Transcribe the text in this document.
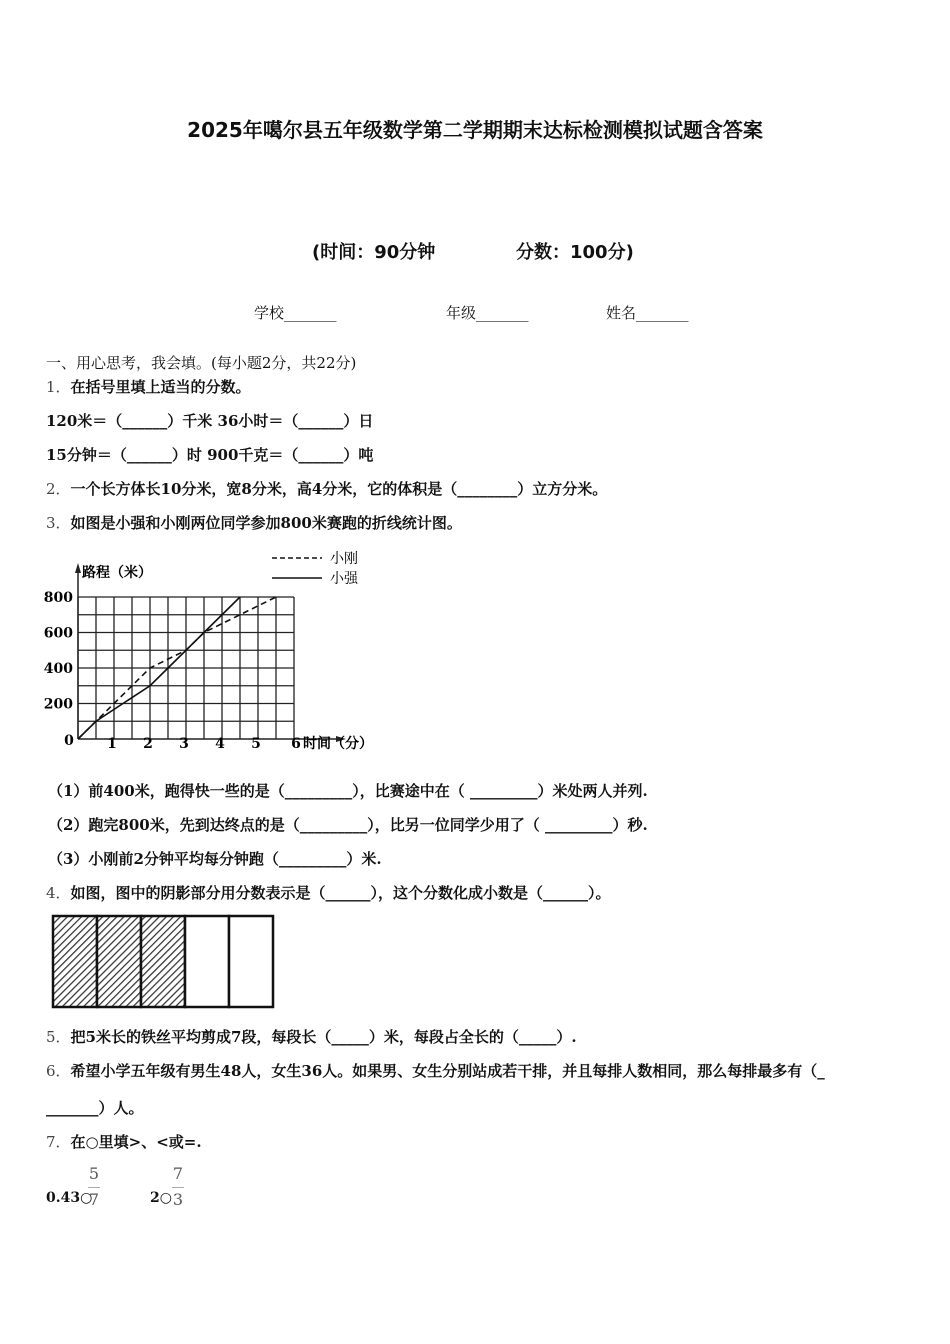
2025年噶尔县五年级数学第二学期期末达标检测模拟试题含答案
(时间：90分钟	分数：100分)
学校_______	年级_______	姓名_______
一、用心思考，我会填。(每小题2分，共22分)
1．在括号里填上适当的分数。
120米＝（______）千米 36小时＝（______）日
15分钟＝（______）时 900千克＝（______）吨
2．一个长方体长10分米，宽8分米，高4分米，它的体积是（________）立方分米。
3．如图是小强和小刚两位同学参加800米赛跑的折线统计图。
0 1 2 3 4 5 6
200
400
600
800
路程（米）
时间（分）
小刚
小强
（1）前400米，跑得快一些的是（_________），比赛途中在（ _________）米处两人并列.
（2）跑完800米，先到达终点的是（_________），比另一位同学少用了（ _________）秒.
（3）小刚前2分钟平均每分钟跑（_________）米.
4．如图，图中的阴影部分用分数表示是（______），这个分数化成小数是（______）。
5．把5米长的铁丝平均剪成7段，每段长（_____）米，每段占全长的（_____）.
6．希望小学五年级有男生48人，女生36人。如果男、女生分别站成若干排，并且每排人数相同，那么每排最多有（_
_______）人。
7．在○里填>、<或=.
0.43○
5
7	2○
7
3
